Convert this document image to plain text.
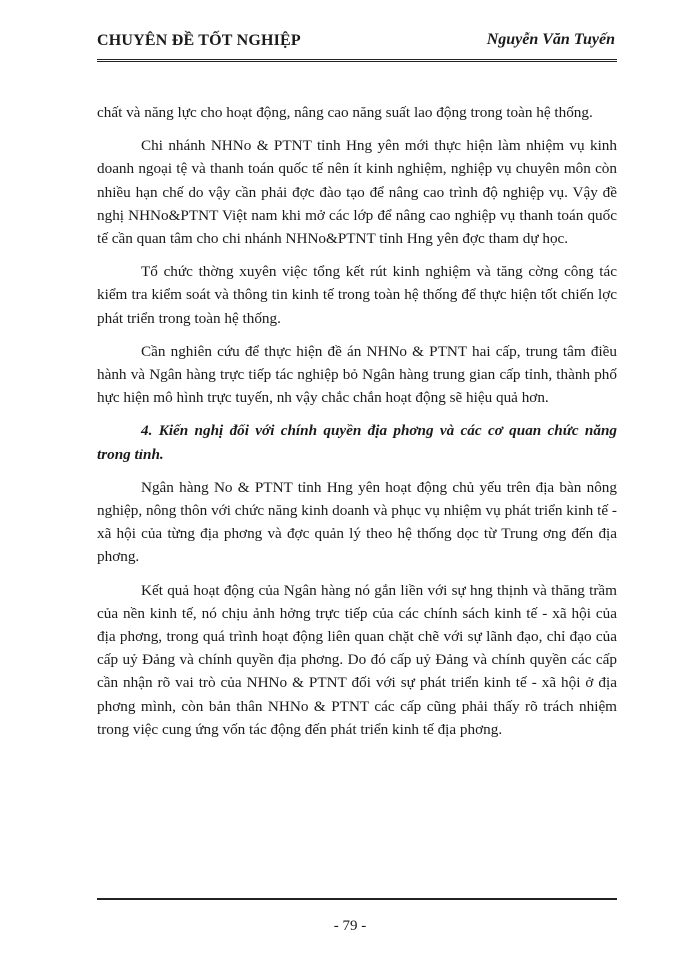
CHUYÊN ĐỀ TỐT NGHIỆP	Nguyễn Văn Tuyến

chất và năng lực cho hoạt động, nâng cao năng suất lao động trong toàn hệ thống.

Chi nhánh NHNo & PTNT tỉnh Hng yên mới thực hiện làm nhiệm vụ kinh doanh ngoại tệ và thanh toán quốc tế nên ít kinh nghiệm, nghiệp vụ chuyên môn còn nhiều hạn chế do vậy cần phải đợc đào tạo để nâng cao trình độ nghiệp vụ. Vậy đề nghị NHNo&PTNT Việt nam khi mở các lớp để nâng cao nghiệp vụ thanh toán quốc tế cần quan tâm cho chi nhánh NHNo&PTNT tỉnh Hng yên đợc tham dự học.

Tổ chức thờng xuyên việc tổng kết rút kinh nghiệm và tăng cờng công tác kiểm tra kiểm soát và thông tin kinh tế trong toàn hệ thống để thực hiện tốt chiến lợc phát triển trong toàn hệ thống.

Cần nghiên cứu để thực hiện đề án NHNo & PTNT hai cấp, trung tâm điều hành và Ngân hàng trực tiếp tác nghiệp bỏ Ngân hàng trung gian cấp tỉnh, thành phố hực hiện mô hình trực tuyến, nh vậy chắc chắn hoạt động sẽ hiệu quả hơn.

4. Kiến nghị đối với chính quyền địa phơng và các cơ quan chức năng trong tỉnh.

Ngân hàng No & PTNT tỉnh Hng yên hoạt động chủ yếu trên địa bàn nông nghiệp, nông thôn với chức năng kinh doanh và phục vụ nhiệm vụ phát triển kinh tế - xã hội của từng địa phơng và đợc quản lý theo hệ thống dọc từ Trung ơng đến địa phơng.

Kết quả hoạt động của Ngân hàng nó gắn liền với sự hng thịnh và thăng trầm của nền kinh tế, nó chịu ảnh hởng trực tiếp của các chính sách kinh tế - xã hội của địa phơng, trong quá trình hoạt động liên quan chặt chẽ với sự lãnh đạo, chỉ đạo của cấp uỷ Đảng và chính quyền địa phơng. Do đó cấp uỷ Đảng và chính quyền các cấp cần nhận rõ vai trò của NHNo & PTNT đối với sự phát triển kinh tế - xã hội ở địa phơng mình, còn bản thân NHNo & PTNT các cấp cũng phải thấy rõ trách nhiệm trong việc cung ứng vốn tác động đến phát triển kinh tế địa phơng.

- 79 -
